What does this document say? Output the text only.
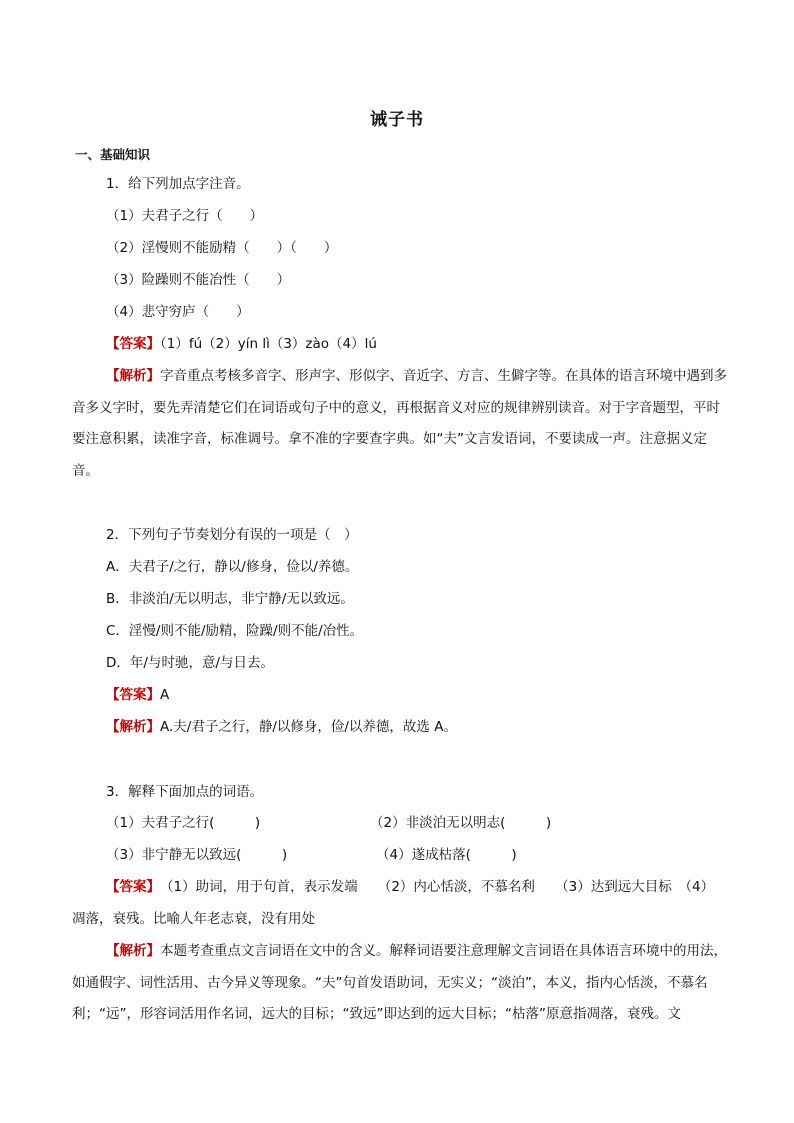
诫子书
一、基础知识
1．给下列加点字注音。
（1）夫君子之行（　　）
（2）淫慢则不能励精（　　）（　　）
（3）险躁则不能冶性（　　）
（4）悲守穷庐（　　）
【答案】（1）fú（2）yín lì（3）zào（4）lú
【解析】字音重点考核多音字、形声字、形似字、音近字、方言、生僻字等。在具体的语言环境中遇到多音多义字时，要先弄清楚它们在词语或句子中的意义，再根据音义对应的规律辨别读音。对于字音题型，平时要注意积累，读准字音，标准调号。拿不准的字要查字典。如“夫”文言发语词，不要读成一声。注意据义定音。
2．下列句子节奏划分有误的一项是（　）
A．夫君子/之行，静以/修身，俭以/养德。
B．非淡泊/无以明志，非宁静/无以致远。
C．淫慢/则不能/励精，险躁/则不能/冶性。
D．年/与时驰，意/与日去。
【答案】A
【解析】A.夫/君子之行，静/以修身，俭/以养德，故选 A。
3．解释下面加点的词语。
（1）夫君子之行(　　　)	（2）非淡泊无以明志(　　　)
（3）非宁静无以致远(　　　)	（4）遂成枯落(　　　)
【答案】　（1）助词，用于句首，表示发端　　（2）内心恬淡，不慕名利　　（3）达到远大目标　（4）凋落，衰残。比喻人年老志衰，没有用处
【解析】本题考查重点文言词语在文中的含义。解释词语要注意理解文言词语在具体语言环境中的用法，如通假字、词性活用、古今异义等现象。“夫”句首发语助词，无实义；“淡泊”，本义，指内心恬淡，不慕名利；“远”，形容词活用作名词，远大的目标；“致远”即达到的远大目标；“枯落”原意指凋落，衰残。文
